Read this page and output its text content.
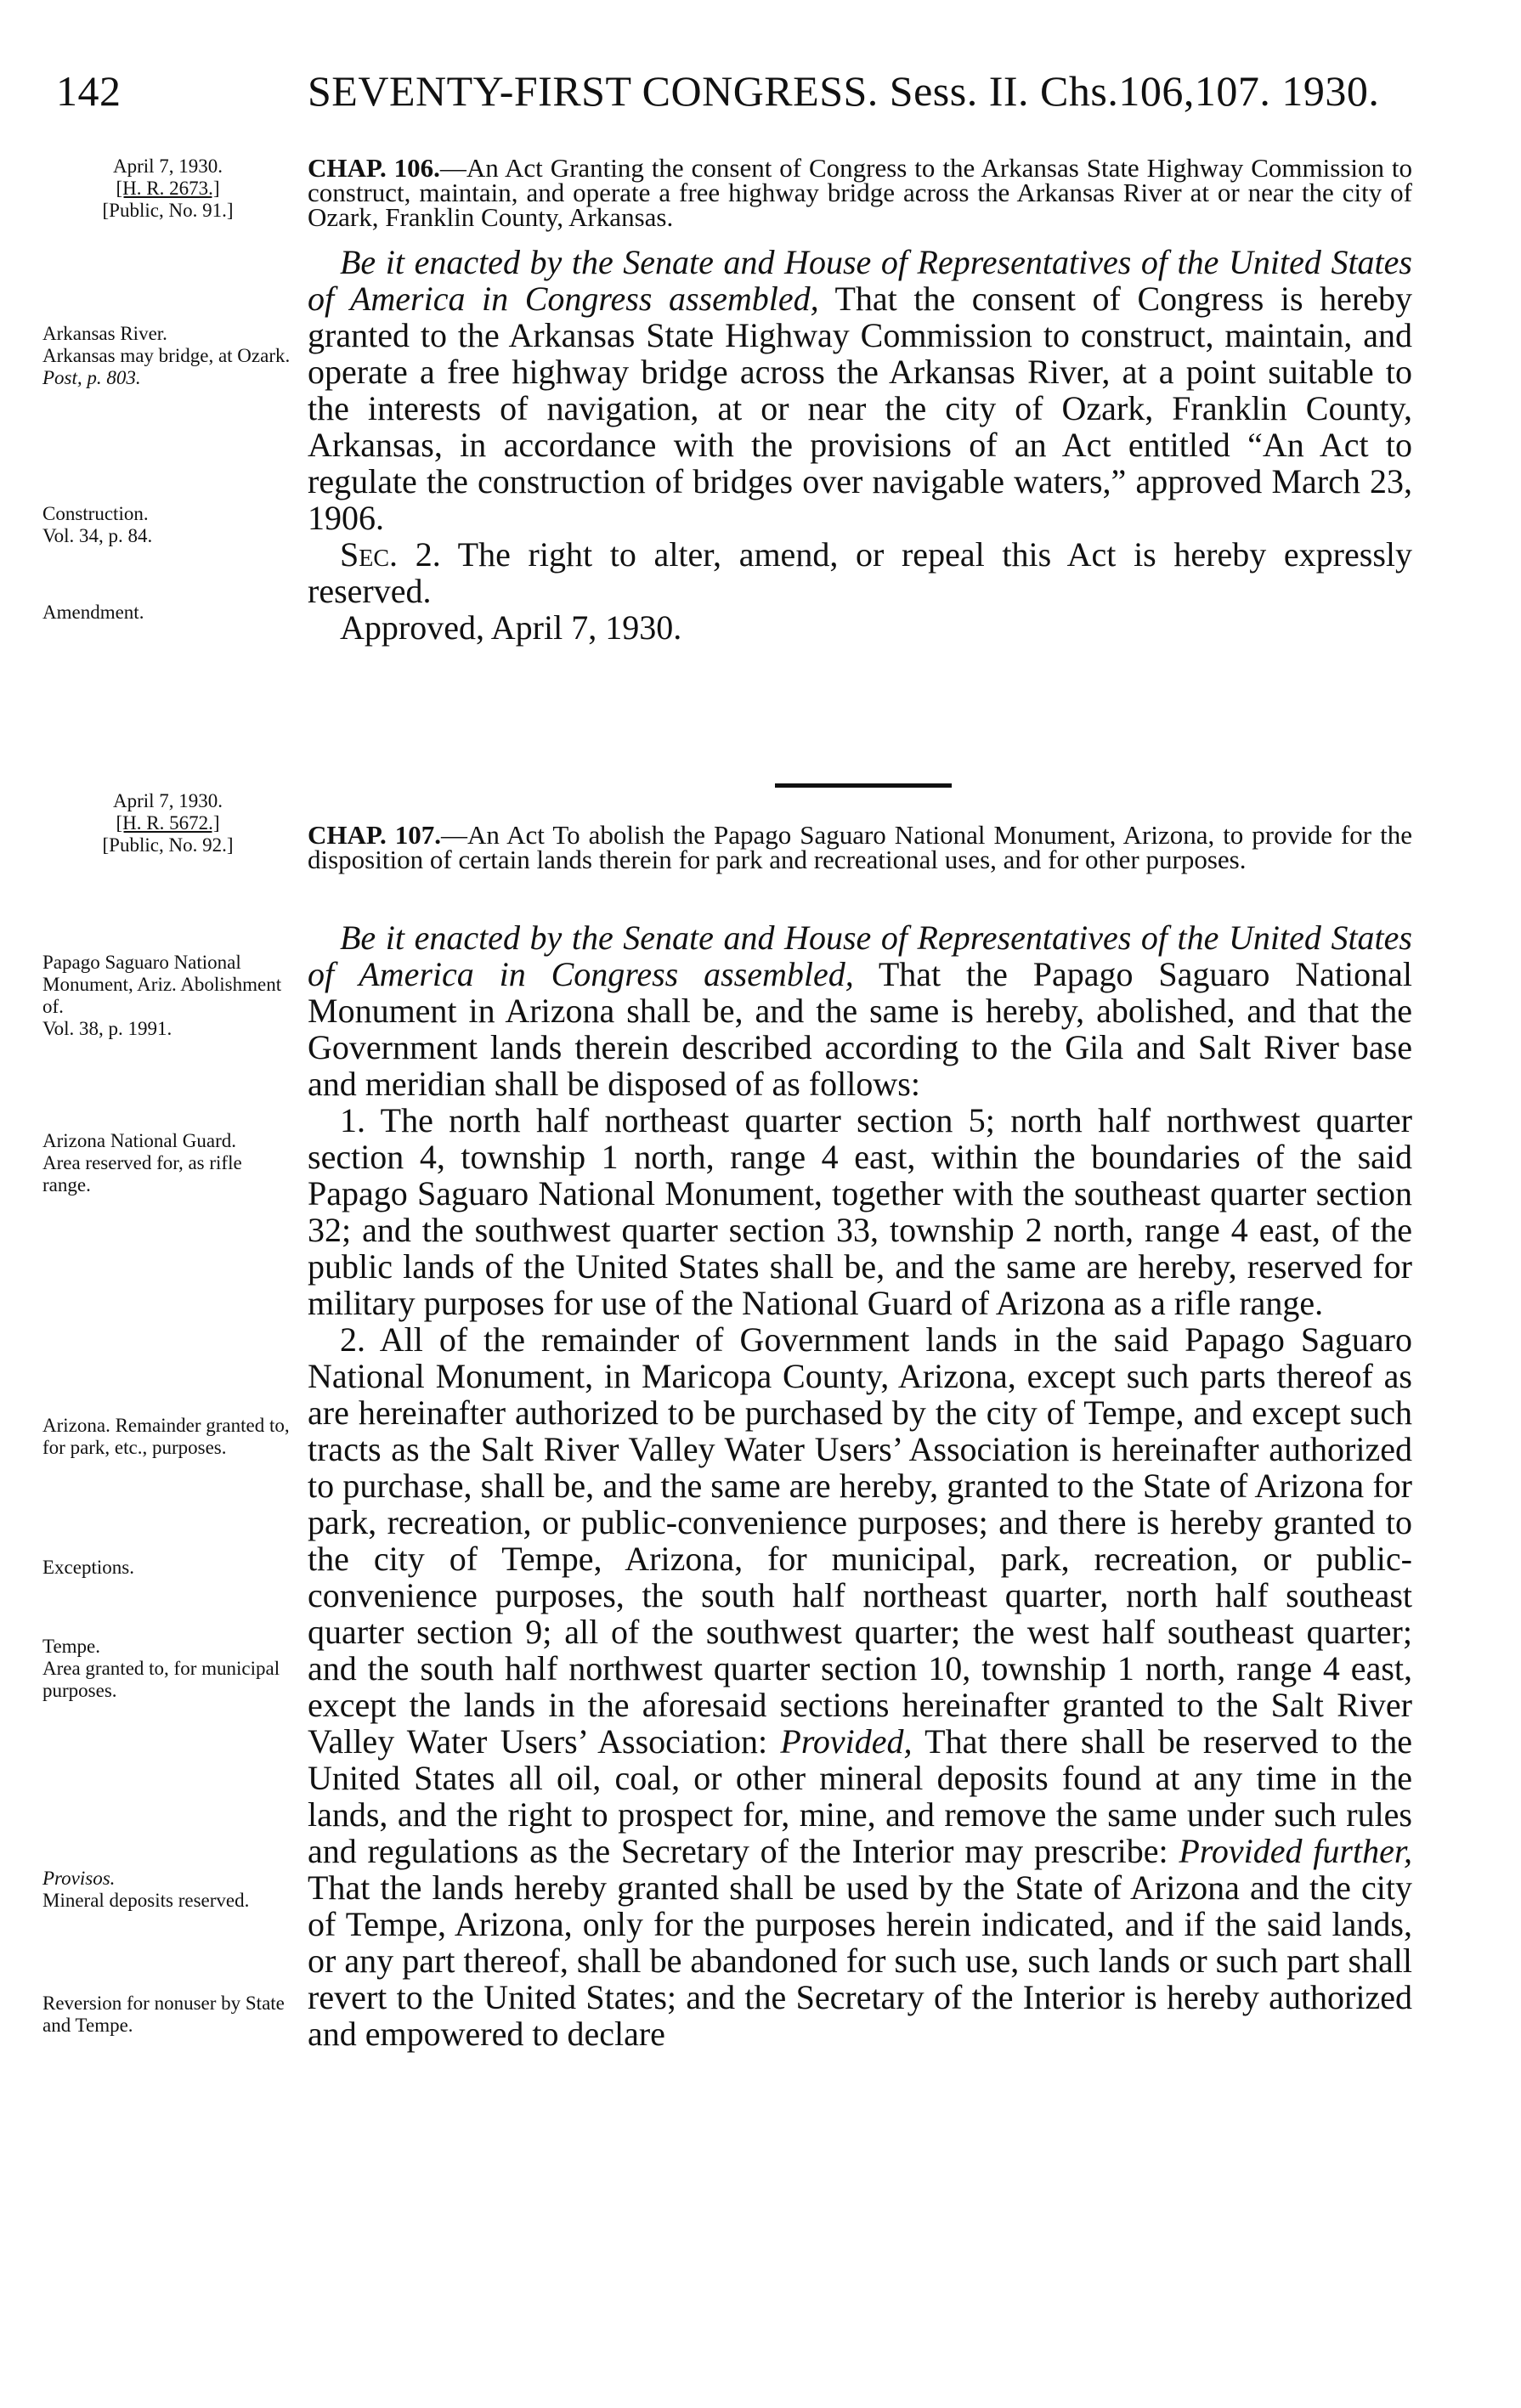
142	SEVENTY-FIRST CONGRESS. Sess. II. Chs.106,107. 1930.
April 7, 1930.
[H. R. 2673.]
[Public, No. 91.]
CHAP. 106.—An Act Granting the consent of Congress to the Arkansas State Highway Commission to construct, maintain, and operate a free highway bridge across the Arkansas River at or near the city of Ozark, Franklin County, Arkansas.
Arkansas River.
Arkansas may bridge, at Ozark.
Post, p. 803.
Construction.
Vol. 34, p. 84.
Amendment.

Be it enacted by the Senate and House of Representatives of the United States of America in Congress assembled, That the consent of Congress is hereby granted to the Arkansas State Highway Commission to construct, maintain, and operate a free highway bridge across the Arkansas River, at a point suitable to the interests of navigation, at or near the city of Ozark, Franklin County, Arkansas, in accordance with the provisions of an Act entitled “An Act to regulate the construction of bridges over navigable waters,” approved March 23, 1906.

Sec. 2. The right to alter, amend, or repeal this Act is hereby expressly reserved.

Approved, April 7, 1930.

April 7, 1930.
[H. R. 5672.]
[Public, No. 92.]	CHAP. 107.—An Act To abolish the Papago Saguaro National Monument, Arizona, to provide for the disposition of certain lands therein for park and recreational uses, and for other purposes.
Papago Saguaro National Monument, Ariz. Abolishment of.
Vol. 38, p. 1991.
Arizona National Guard.
Area reserved for, as rifle range.
Arizona. Remainder granted to, for park, etc., purposes.
Exceptions.
Tempe.
Area granted to, for municipal purposes.
Provisos.
Mineral deposits reserved.
Reversion for nonuser by State and Tempe.

Be it enacted by the Senate and House of Representatives of the United States of America in Congress assembled, That the Papago Saguaro National Monument in Arizona shall be, and the same is hereby, abolished, and that the Government lands therein described according to the Gila and Salt River base and meridian shall be disposed of as follows:

1. The north half northeast quarter section 5; north half northwest quarter section 4, township 1 north, range 4 east, within the boundaries of the said Papago Saguaro National Monument, together with the southeast quarter section 32; and the southwest quarter section 33, township 2 north, range 4 east, of the public lands of the United States shall be, and the same are hereby, reserved for military purposes for use of the National Guard of Arizona as a rifle range.

2. All of the remainder of Government lands in the said Papago Saguaro National Monument, in Maricopa County, Arizona, except such parts thereof as are hereinafter authorized to be purchased by the city of Tempe, and except such tracts as the Salt River Valley Water Users’ Association is hereinafter authorized to purchase, shall be, and the same are hereby, granted to the State of Arizona for park, recreation, or public-convenience purposes; and there is hereby granted to the city of Tempe, Arizona, for municipal, park, recreation, or public-convenience purposes, the south half northeast quarter, north half southeast quarter section 9; all of the southwest quarter; the west half southeast quarter; and the south half northwest quarter section 10, township 1 north, range 4 east, except the lands in the aforesaid sections hereinafter granted to the Salt River Valley Water Users’ Association: Provided, That there shall be reserved to the United States all oil, coal, or other mineral deposits found at any time in the lands, and the right to prospect for, mine, and remove the same under such rules and regulations as the Secretary of the Interior may prescribe: Provided further, That the lands hereby granted shall be used by the State of Arizona and the city of Tempe, Arizona, only for the purposes herein indicated, and if the said lands, or any part thereof, shall be abandoned for such use, such lands or such part shall revert to the United States; and the Secretary of the Interior is hereby authorized and empowered to declare
